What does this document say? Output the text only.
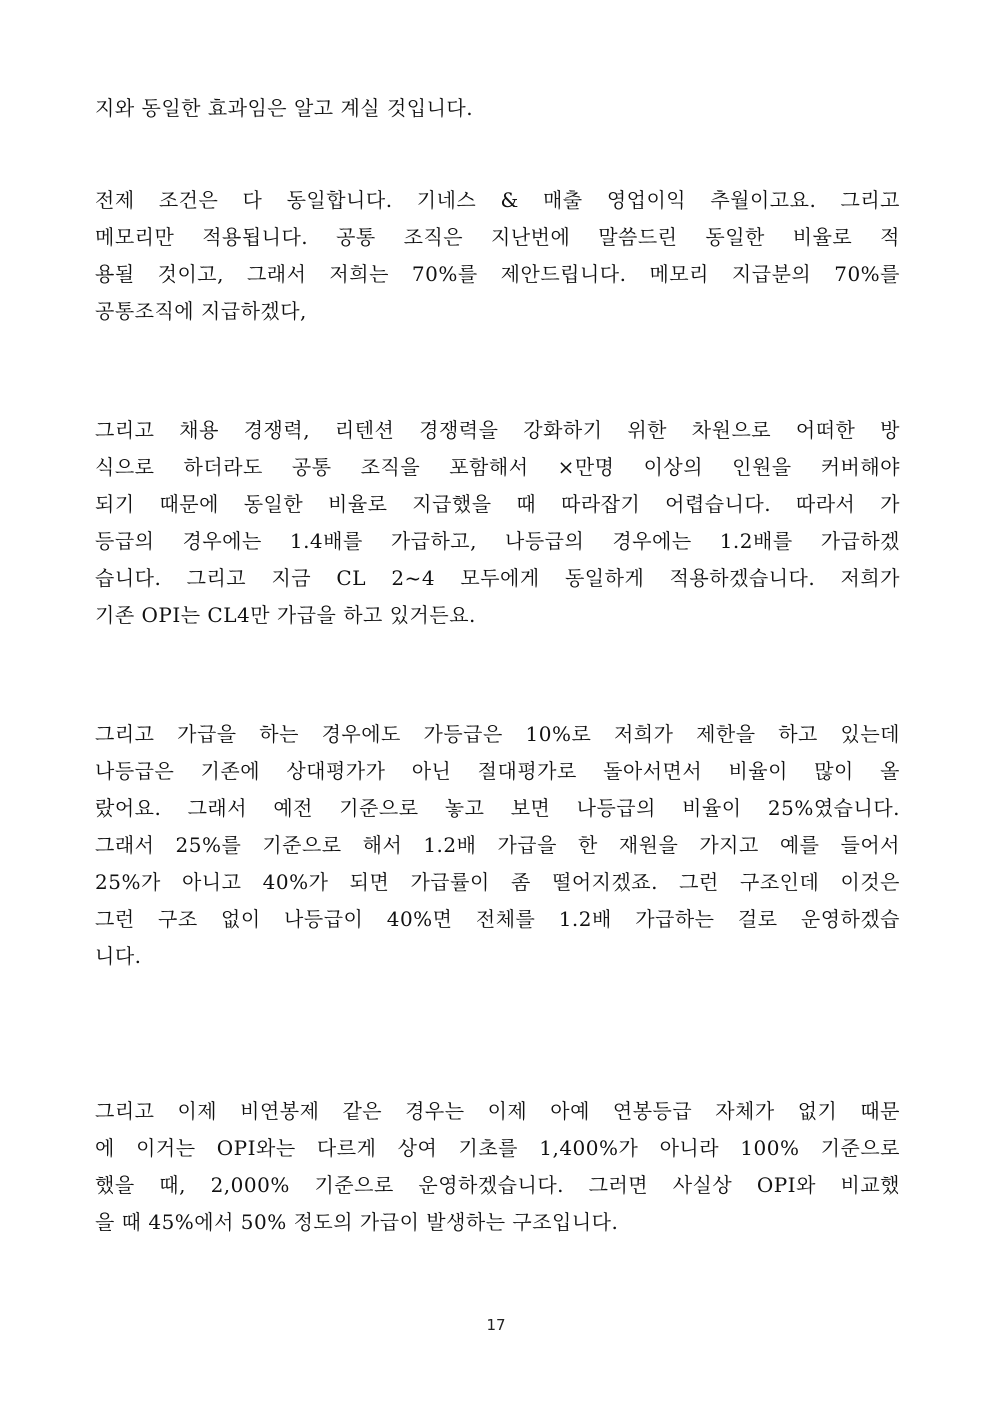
지와 동일한 효과임은 알고 계실 것입니다.
전제 조건은 다 동일합니다. 기네스 & 매출 영업이익 추월이고요. 그리고
메모리만 적용됩니다. 공통 조직은 지난번에 말씀드린 동일한 비율로 적
용될 것이고, 그래서 저희는 70%를 제안드립니다. 메모리 지급분의 70%를
공통조직에 지급하겠다,
그리고 채용 경쟁력, 리텐션 경쟁력을 강화하기 위한 차원으로 어떠한 방
식으로 하더라도 공통 조직을 포함해서 ×만명 이상의 인원을 커버해야
되기 때문에 동일한 비율로 지급했을 때 따라잡기 어렵습니다. 따라서 가
등급의 경우에는 1.4배를 가급하고, 나등급의 경우에는 1.2배를 가급하겠
습니다. 그리고 지금 CL 2~4 모두에게 동일하게 적용하겠습니다. 저희가
기존 OPI는 CL4만 가급을 하고 있거든요.
그리고 가급을 하는 경우에도 가등급은 10%로 저희가 제한을 하고 있는데
나등급은 기존에 상대평가가 아닌 절대평가로 돌아서면서 비율이 많이 올
랐어요. 그래서 예전 기준으로 놓고 보면 나등급의 비율이 25%였습니다.
그래서 25%를 기준으로 해서 1.2배 가급을 한 재원을 가지고 예를 들어서
25%가 아니고 40%가 되면 가급률이 좀 떨어지겠죠. 그런 구조인데 이것은
그런 구조 없이 나등급이 40%면 전체를 1.2배 가급하는 걸로 운영하겠습
니다.
그리고 이제 비연봉제 같은 경우는 이제 아예 연봉등급 자체가 없기 때문
에 이거는 OPI와는 다르게 상여 기초를 1,400%가 아니라 100% 기준으로
했을 때, 2,000% 기준으로 운영하겠습니다. 그러면 사실상 OPI와 비교했
을 때 45%에서 50% 정도의 가급이 발생하는 구조입니다.
17
